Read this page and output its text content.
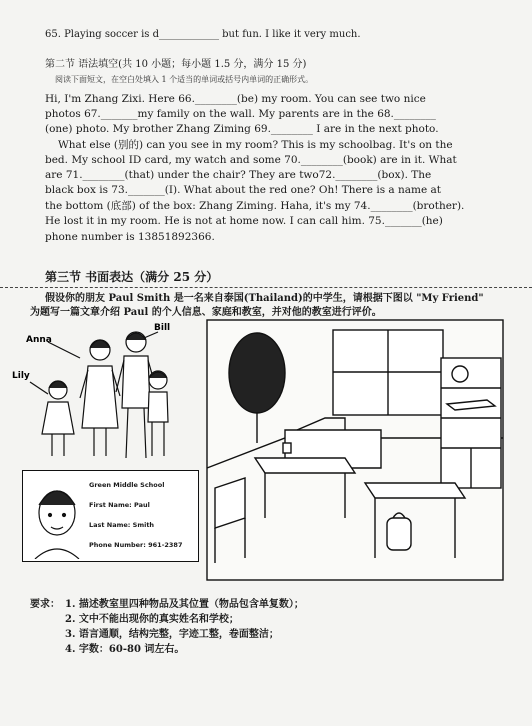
65. Playing soccer is d____________ but fun. I like it very much.
第二节 语法填空(共 10 小题；每小题 1.5 分，满分 15 分)
阅读下面短文，在空白处填入 1 个适当的单词或括号内单词的正确形式。
Hi, I'm Zhang Zixi. Here 66.________(be) my room. You can see two nice
photos 67._______my family on the wall. My parents are in the 68.________
(one) photo. My brother Zhang Ziming 69.________ I are in the next photo.
What else (别的) can you see in my room? This is my schoolbag. It's on the
bed. My school ID card, my watch and some 70.________(book) are in it. What
are 71.________(that) under the chair? They are two72.________(box). The
black box is 73._______(I). What about the red one? Oh! There is a name at
the bottom (底部) of the box: Zhang Ziming. Haha, it's my 74.________(brother).
He lost it in my room. He is not at home now. I can call him. 75._______(he)
phone number is 13851892366.
第三节 书面表达（满分 25 分）
假设你的朋友 Paul Smith 是一名来自泰国(Thailand)的中学生，请根据下图以 "My Friend"
为题写一篇文章介绍 Paul 的个人信息、家庭和教室，并对他的教室进行评价。
Anna
Bill
Lily
Green Middle School
First Name: Paul
Last Name: Smith
Phone Number: 961-2387
要求： 1. 描述教室里四种物品及其位置（物品包含单复数）；
2. 文中不能出现你的真实姓名和学校；
3. 语言通顺，结构完整，字迹工整，卷面整洁；
4. 字数：60-80 词左右。
